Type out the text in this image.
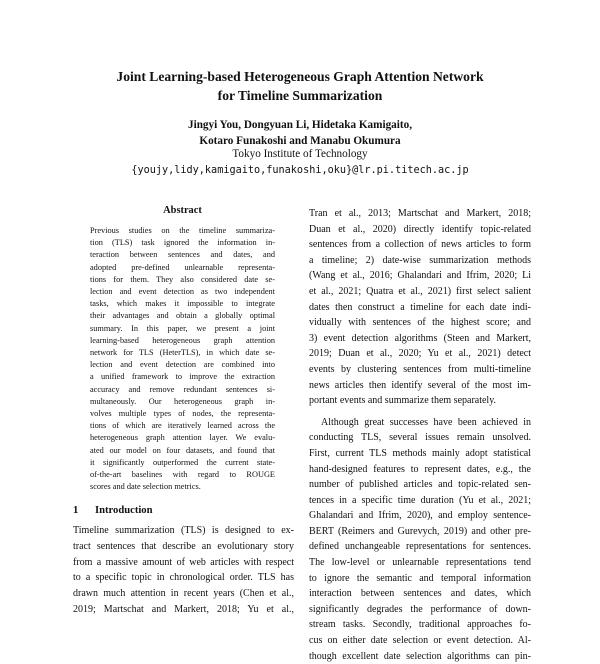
Joint Learning-based Heterogeneous Graph Attention Network
for Timeline Summarization
Jingyi You, Dongyuan Li, Hidetaka Kamigaito,
Kotaro Funakoshi and Manabu Okumura
Tokyo Institute of Technology
{youjy,lidy,kamigaito,funakoshi,oku}@lr.pi.titech.ac.jp
Abstract
Previous studies on the timeline summariza-
tion (TLS) task ignored the information in-
teraction between sentences and dates, and
adopted pre-defined unlearnable representa-
tions for them. They also considered date se-
lection and event detection as two independent
tasks, which makes it impossible to integrate
their advantages and obtain a globally optimal
summary. In this paper, we present a joint
learning-based heterogeneous graph attention
network for TLS (HeterTLS), in which date se-
lection and event detection are combined into
a unified framework to improve the extraction
accuracy and remove redundant sentences si-
multaneously. Our heterogeneous graph in-
volves multiple types of nodes, the representa-
tions of which are iteratively learned across the
heterogeneous graph attention layer. We evalu-
ated our model on four datasets, and found that
it significantly outperformed the current state-
of-the-art baselines with regard to ROUGE
scores and date selection metrics.
1 Introduction
Timeline summarization (TLS) is designed to ex-
tract sentences that describe an evolutionary story
from a massive amount of web articles with respect
to a specific topic in chronological order. TLS has
drawn much attention in recent years (Chen et al.,
2019; Martschat and Markert, 2018; Yu et al.,
Tran et al., 2013; Martschat and Markert, 2018;
Duan et al., 2020) directly identify topic-related
sentences from a collection of news articles to form
a timeline; 2) date-wise summarization methods
(Wang et al., 2016; Ghalandari and Ifrim, 2020; Li
et al., 2021; Quatra et al., 2021) first select salient
dates then construct a timeline for each date indi-
vidually with sentences of the highest score; and
3) event detection algorithms (Steen and Markert,
2019; Duan et al., 2020; Yu et al., 2021) detect
events by clustering sentences from multi-timeline
news articles then identify several of the most im-
portant events and summarize them separately.
Although great successes have been achieved in
conducting TLS, several issues remain unsolved.
First, current TLS methods mainly adopt statistical
hand-designed features to represent dates, e.g., the
number of published articles and topic-related sen-
tences in a specific time duration (Yu et al., 2021;
Ghalandari and Ifrim, 2020), and employ sentence-
BERT (Reimers and Gurevych, 2019) and other pre-
defined unchangeable representations for sentences.
The low-level or unlearnable representations tend
to ignore the semantic and temporal information
interaction between sentences and dates, which
significantly degrades the performance of down-
stream tasks. Secondly, traditional approaches fo-
cus on either date selection or event detection. Al-
though excellent date selection algorithms can pin-
